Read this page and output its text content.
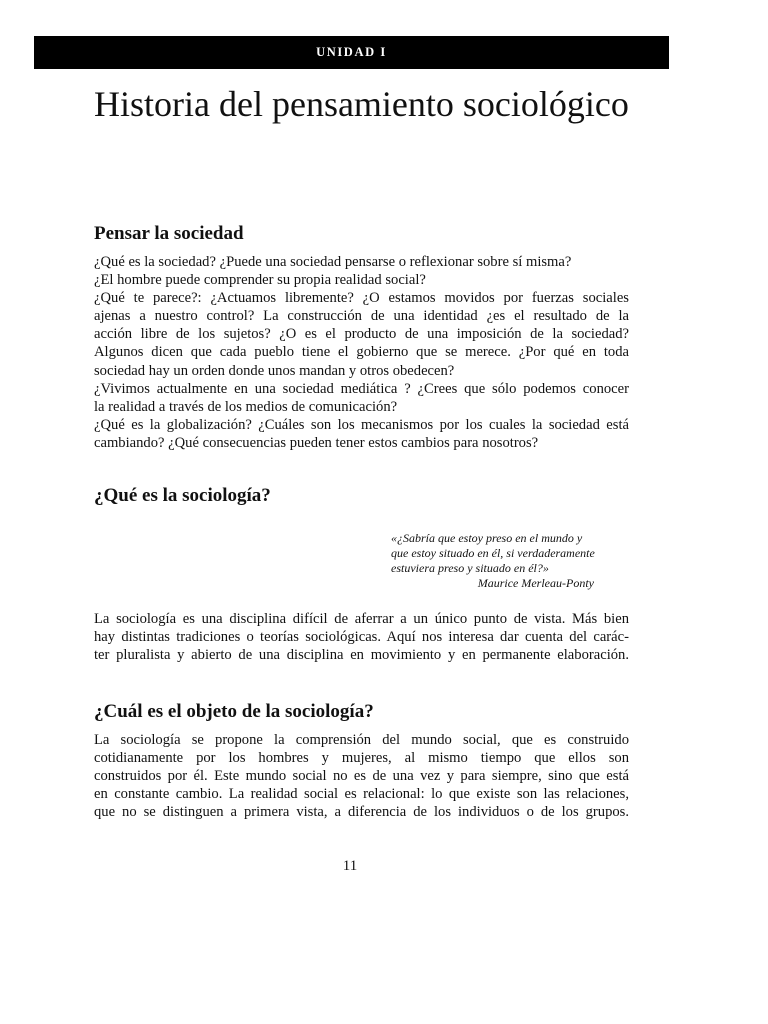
UNIDAD I
Historia del pensamiento sociológico
Pensar la sociedad
¿Qué es la sociedad? ¿Puede una sociedad pensarse o reflexionar sobre sí misma?
¿El hombre puede comprender su propia realidad social?
¿Qué te parece?: ¿Actuamos libremente? ¿O estamos movidos por fuerzas sociales
ajenas a nuestro control? La construcción de una identidad ¿es el resultado de la
acción libre de los sujetos? ¿O es el producto de una imposición de la sociedad?
Algunos dicen que cada pueblo tiene el gobierno que se merece. ¿Por qué en toda
sociedad hay un orden donde unos mandan y otros obedecen?
¿Vivimos actualmente en una sociedad mediática ? ¿Crees que sólo podemos conocer
la realidad a través de los medios de comunicación?
¿Qué es la globalización? ¿Cuáles son los mecanismos por los cuales la sociedad está
cambiando? ¿Qué consecuencias pueden tener estos cambios para nosotros?
¿Qué es la sociología?
«¿Sabría que estoy preso en el mundo y
que estoy situado en él, si verdaderamente
estuviera preso y situado en él?»
Maurice Merleau-Ponty
La sociología es una disciplina difícil de aferrar a un único punto de vista. Más bien
hay distintas tradiciones o teorías sociológicas. Aquí nos interesa dar cuenta del carác-
ter pluralista y abierto de una disciplina en movimiento y en permanente elaboración.
¿Cuál es el objeto de la sociología?
La sociología se propone la comprensión del mundo social, que es construido
cotidianamente por los hombres y mujeres, al mismo tiempo que ellos son
construidos por él. Este mundo social no es de una vez y para siempre, sino que está
en constante cambio. La realidad social es relacional: lo que existe son las relaciones,
que no se distinguen a primera vista, a diferencia de los individuos o de los grupos.
11
